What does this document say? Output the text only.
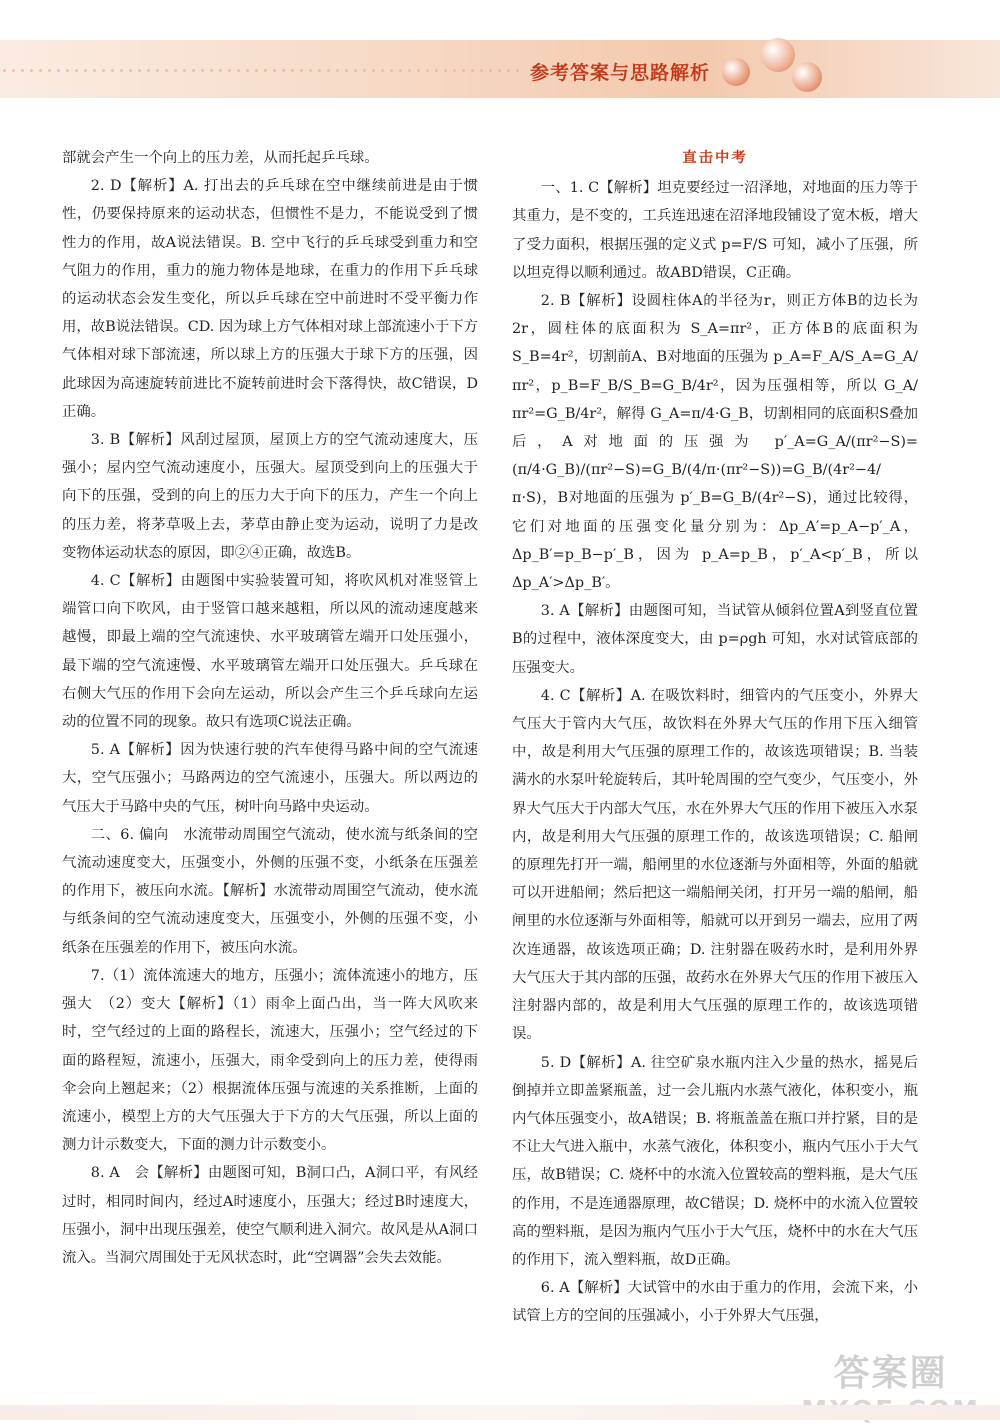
参考答案与思路解析

部就会产生一个向上的压力差，从而托起乒乓球。

2. D【解析】A. 打出去的乒乓球在空中继续前进是由于惯性，仍要保持原来的运动状态，但惯性不是力，不能说受到了惯性力的作用，故A说法错误。B. 空中飞行的乒乓球受到重力和空气阻力的作用，重力的施力物体是地球，在重力的作用下乒乓球的运动状态会发生变化，所以乒乓球在空中前进时不受平衡力作用，故B说法错误。CD. 因为球上方气体相对球上部流速小于下方气体相对球下部流速，所以球上方的压强大于球下方的压强，因此球因为高速旋转前进比不旋转前进时会下落得快，故C错误，D正确。

3. B【解析】风刮过屋顶，屋顶上方的空气流动速度大，压强小；屋内空气流动速度小，压强大。屋顶受到向上的压强大于向下的压强，受到的向上的压力大于向下的压力，产生一个向上的压力差，将茅草吸上去，茅草由静止变为运动，说明了力是改变物体运动状态的原因，即②④正确，故选B。

4. C【解析】由题图中实验装置可知，将吹风机对准竖管上端管口向下吹风，由于竖管口越来越粗，所以风的流动速度越来越慢，即最上端的空气流速快、水平玻璃管左端开口处压强小，最下端的空气流速慢、水平玻璃管左端开口处压强大。乒乓球在右侧大气压的作用下会向左运动，所以会产生三个乒乓球向左运动的位置不同的现象。故只有选项C说法正确。

5. A【解析】因为快速行驶的汽车使得马路中间的空气流速大，空气压强小；马路两边的空气流速小，压强大。所以两边的气压大于马路中央的气压，树叶向马路中央运动。

二、6. 偏向　水流带动周围空气流动，使水流与纸条间的空气流动速度变大，压强变小，外侧的压强不变，小纸条在压强差的作用下，被压向水流。【解析】水流带动周围空气流动，使水流与纸条间的空气流动速度变大，压强变小，外侧的压强不变，小纸条在压强差的作用下，被压向水流。

7.（1）流体流速大的地方，压强小；流体流速小的地方，压强大　（2）变大【解析】（1）雨伞上面凸出，当一阵大风吹来时，空气经过的上面的路程长，流速大，压强小；空气经过的下面的路程短，流速小，压强大，雨伞受到向上的压力差，使得雨伞会向上翘起来；（2）根据流体压强与流速的关系推断，上面的流速小，模型上方的大气压强大于下方的大气压强，所以上面的测力计示数变大，下面的测力计示数变小。

8. A　会【解析】由题图可知，B洞口凸，A洞口平，有风经过时，相同时间内，经过A时速度小，压强大；经过B时速度大，压强小，洞中出现压强差，使空气顺利进入洞穴。故风是从A洞口流入。当洞穴周围处于无风状态时，此“空调器”会失去效能。

直击中考

一、1. C【解析】坦克要经过一沼泽地，对地面的压力等于其重力，是不变的，工兵连迅速在沼泽地段铺设了宽木板，增大了受力面积，根据压强的定义式 p=F/S 可知，减小了压强，所以坦克得以顺利通过。故ABD错误，C正确。

2. B【解析】设圆柱体A的半径为r，则正方体B的边长为2r，圆柱体的底面积为 S_A=πr²，正方体B的底面积为 S_B=4r²，切割前A、B对地面的压强为 p_A=F_A/S_A=G_A/πr²，p_B=F_B/S_B=G_B/4r²，因为压强相等，所以 G_A/πr²=G_B/4r²，解得 G_A=π/4·G_B，切割相同的底面积S叠加后，A对地面的压强为 p′_A=G_A/(πr²−S)=(π/4·G_B)/(πr²−S)=G_B/(4/π·(πr²−S))=G_B/(4r²−4/π·S)，B对地面的压强为 p′_B=G_B/(4r²−S)，通过比较得，它们对地面的压强变化量分别为：Δp_A′=p_A−p′_A，Δp_B′=p_B−p′_B，因为 p_A=p_B，p′_A<p′_B，所以 Δp_A′>Δp_B′。

3. A【解析】由题图可知，当试管从倾斜位置A到竖直位置B的过程中，液体深度变大，由 p=ρgh 可知，水对试管底部的压强变大。

4. C【解析】A. 在吸饮料时，细管内的气压变小，外界大气压大于管内大气压，故饮料在外界大气压的作用下压入细管中，故是利用大气压强的原理工作的，故该选项错误；B. 当装满水的水泵叶轮旋转后，其叶轮周围的空气变少，气压变小，外界大气压大于内部大气压，水在外界大气压的作用下被压入水泵内，故是利用大气压强的原理工作的，故该选项错误；C. 船闸的原理先打开一端，船闸里的水位逐渐与外面相等，外面的船就可以开进船闸；然后把这一端船闸关闭，打开另一端的船闸，船闸里的水位逐渐与外面相等，船就可以开到另一端去，应用了两次连通器，故该选项正确；D. 注射器在吸药水时，是利用外界大气压大于其内部的压强，故药水在外界大气压的作用下被压入注射器内部的，故是利用大气压强的原理工作的，故该选项错误。

5. D【解析】A. 往空矿泉水瓶内注入少量的热水，摇晃后倒掉并立即盖紧瓶盖，过一会儿瓶内水蒸气液化，体积变小，瓶内气体压强变小，故A错误；B. 将瓶盖盖在瓶口并拧紧，目的是不让大气进入瓶中，水蒸气液化，体积变小，瓶内气压小于大气压，故B错误；C. 烧杯中的水流入位置较高的塑料瓶，是大气压的作用，不是连通器原理，故C错误；D. 烧杯中的水流入位置较高的塑料瓶，是因为瓶内气压小于大气压，烧杯中的水在大气压的作用下，流入塑料瓶，故D正确。

6. A【解析】大试管中的水由于重力的作用，会流下来，小试管上方的空间的压强减小，小于外界大气压强，

答案圈
